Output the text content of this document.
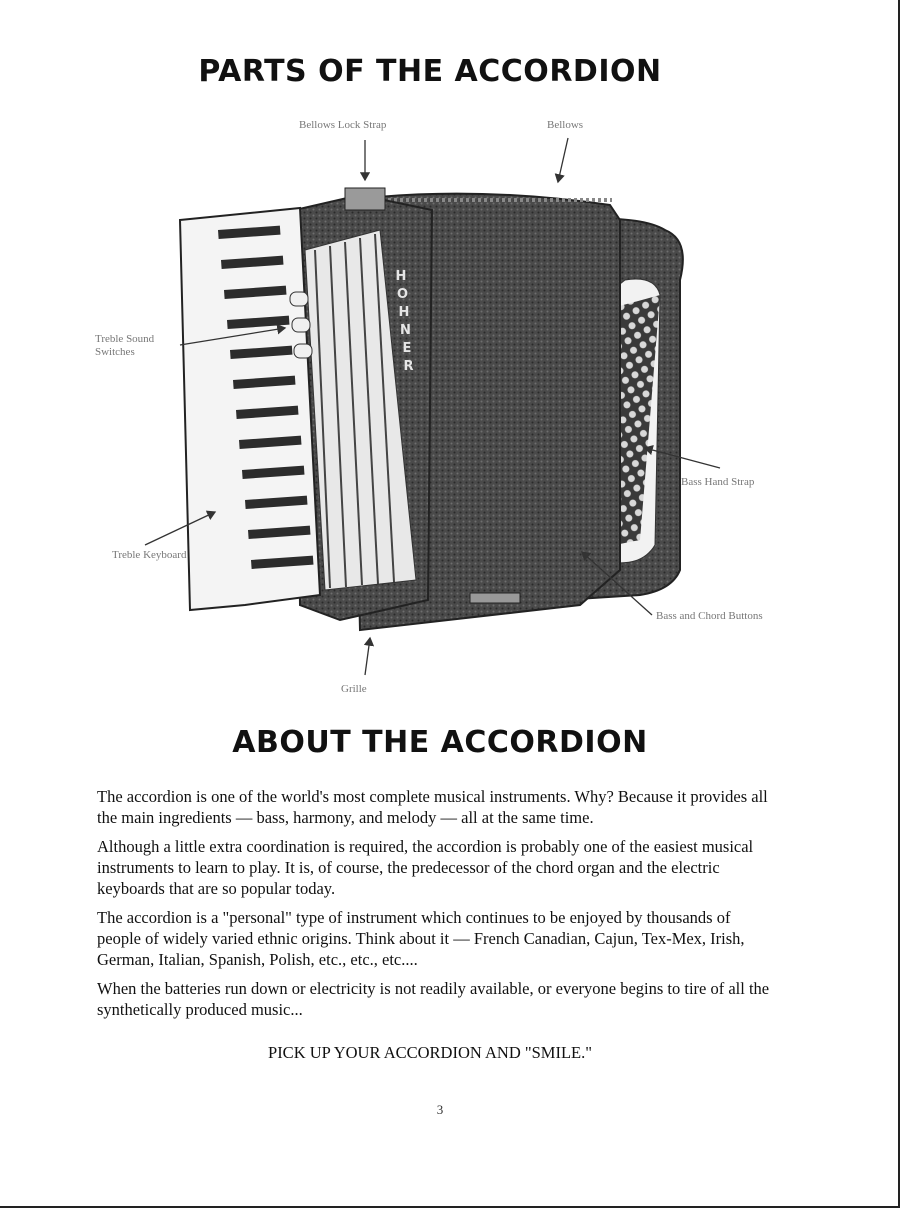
PARTS OF THE ACCORDION
H O H N E R
Bellows Lock Strap	Bellows
Treble Sound
Switches
Bass Hand Strap
Treble Keyboard
Bass and Chord Buttons
Grille
ABOUT THE ACCORDION

The accordion is one of the world's most complete musical instruments. Why? Because it provides all the main ingredients — bass, harmony, and melody — all at the same time.

Although a little extra coordination is required, the accordion is probably one of the easiest musical instruments to learn to play. It is, of course, the predecessor of the chord organ and the electric keyboards that are so popular today.

The accordion is a "personal" type of instrument which continues to be enjoyed by thousands of people of widely varied ethnic origins. Think about it — French Canadian, Cajun, Tex-Mex, Irish, German, Italian, Spanish, Polish, etc., etc., etc....

When the batteries run down or electricity is not readily available, or everyone begins to tire of all the synthetically produced music...

PICK UP YOUR ACCORDION AND "SMILE."
3
